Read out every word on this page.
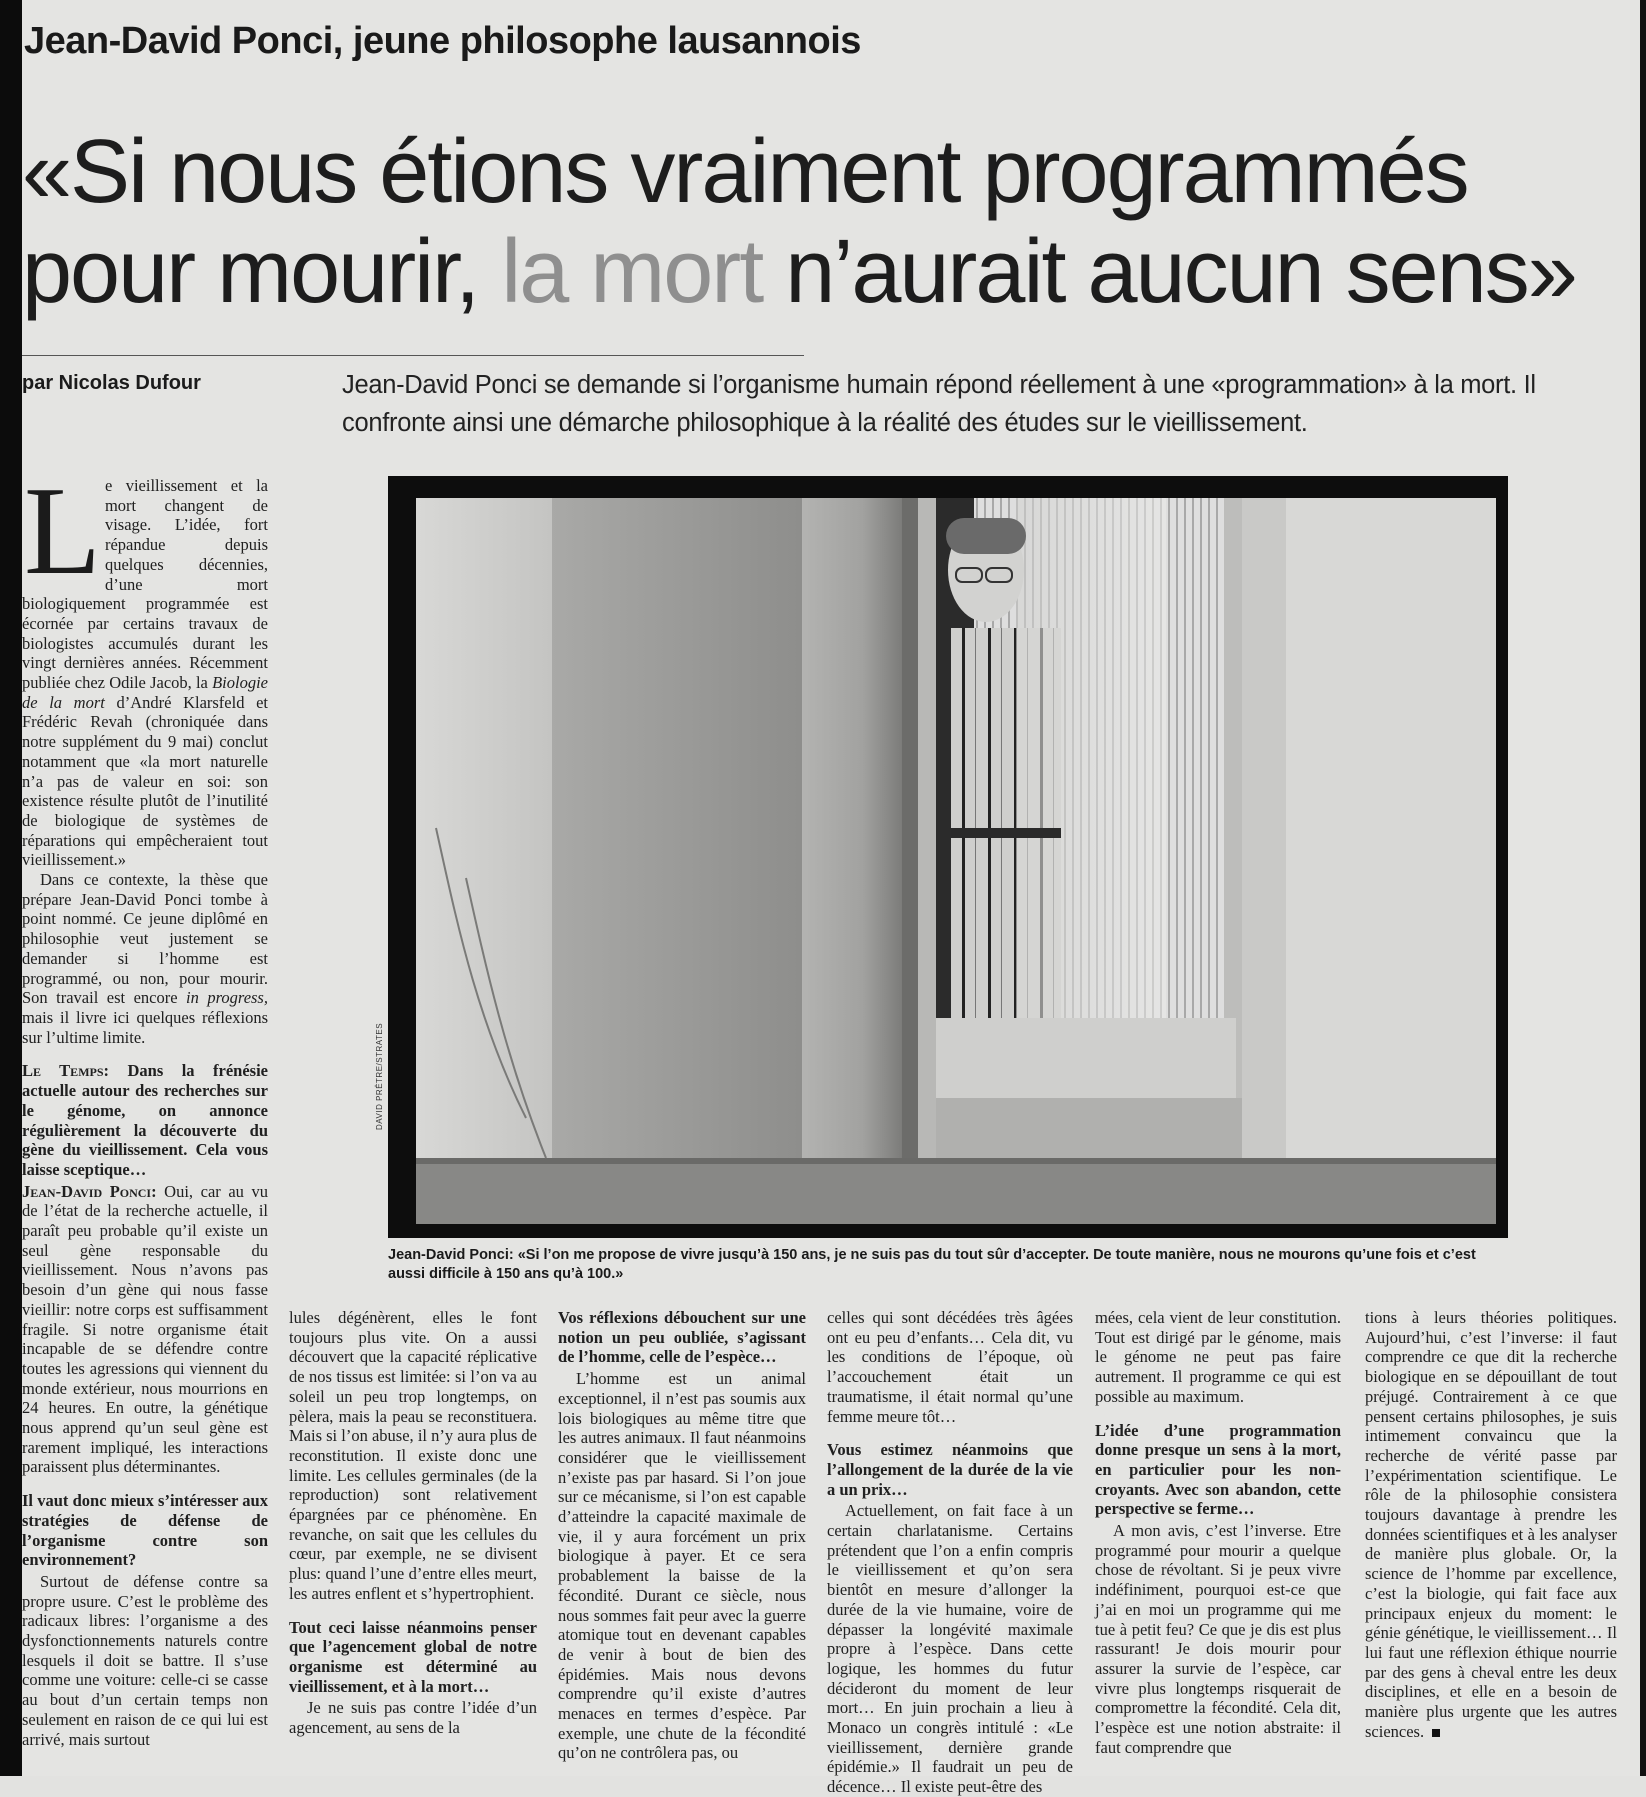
Jean-David Ponci, jeune philosophe lausannois
«Si nous étions vraiment programmés
pour mourir, la mort n’aurait aucun sens»
par Nicolas Dufour	Jean-David Ponci se demande si l’organisme humain répond réellement à une «programmation» à la mort. Il confronte ainsi une démarche philosophique à la réalité des études sur le vieillissement.

Le vieillissement et la mort changent de visage. L’idée, fort répandue depuis quelques décennies, d’une mort biologiquement programmée est écornée par certains travaux de biologistes accumulés durant les vingt dernières années. Récemment publiée chez Odile Jacob, la Biologie de la mort d’André Klarsfeld et Frédéric Revah (chroniquée dans notre supplément du 9 mai) conclut notamment que «la mort naturelle n’a pas de valeur en soi: son existence résulte plutôt de l’inutilité de biologique de systèmes de réparations qui empêcheraient tout vieillissement.»

Dans ce contexte, la thèse que prépare Jean-David Ponci tombe à point nommé. Ce jeune diplômé en philosophie veut justement se demander si l’homme est programmé, ou non, pour mourir. Son travail est encore in progress, mais il livre ici quelques réflexions sur l’ultime limite.

Le Temps: Dans la frénésie actuelle autour des recherches sur le génome, on annonce régulièrement la découverte du gène du vieillissement. Cela vous laisse sceptique…

Jean-David Ponci: Oui, car au vu de l’état de la recherche actuelle, il paraît peu probable qu’il existe un seul gène responsable du vieillissement. Nous n’avons pas besoin d’un gène qui nous fasse vieillir: notre corps est suffisamment fragile. Si notre organisme était incapable de se défendre contre toutes les agressions qui viennent du monde extérieur, nous mourrions en 24 heures. En outre, la génétique nous apprend qu’un seul gène est rarement impliqué, les interactions paraissent plus déterminantes.

Il vaut donc mieux s’intéresser aux stratégies de défense de l’organisme contre son environnement?

Surtout de défense contre sa propre usure. C’est le problème des radicaux libres: l’organisme a des dysfonctionnements naturels contre lesquels il doit se battre. Il s’use comme une voiture: celle-ci se casse au bout d’un certain temps non seulement en raison de ce qui lui est arrivé, mais surtout

lules dégénèrent, elles le font toujours plus vite. On a aussi découvert que la capacité réplicative de nos tissus est limitée: si l’on va au soleil un peu trop longtemps, on pèlera, mais la peau se reconstituera. Mais si l’on abuse, il n’y aura plus de reconstitution. Il existe donc une limite. Les cellules germinales (de la reproduction) sont relativement épargnées par ce phénomène. En revanche, on sait que les cellules du cœur, par exemple, ne se divisent plus: quand l’une d’entre elles meurt, les autres enflent et s’hypertrophient.

Tout ceci laisse néanmoins penser que l’agencement global de notre organisme est déterminé au vieillissement, et à la mort…

Je ne suis pas contre l’idée d’un agencement, au sens de la

Vos réflexions débouchent sur une notion un peu oubliée, s’agissant de l’homme, celle de l’espèce…

L’homme est un animal exceptionnel, il n’est pas soumis aux lois biologiques au même titre que les autres animaux. Il faut néanmoins considérer que le vieillissement n’existe pas par hasard. Si l’on joue sur ce mécanisme, si l’on est capable d’atteindre la capacité maximale de vie, il y aura forcément un prix biologique à payer. Et ce sera probablement la baisse de la fécondité. Durant ce siècle, nous nous sommes fait peur avec la guerre atomique tout en devenant capables de venir à bout de bien des épidémies. Mais nous devons comprendre qu’il existe d’autres menaces en termes d’espèce. Par exemple, une chute de la fécondité qu’on ne contrôlera pas, ou

celles qui sont décédées très âgées ont eu peu d’enfants… Cela dit, vu les conditions de l’époque, où l’accouchement était un traumatisme, il était normal qu’une femme meure tôt…

Vous estimez néanmoins que l’allongement de la durée de la vie a un prix…

Actuellement, on fait face à un certain charlatanisme. Certains prétendent que l’on a enfin compris le vieillissement et qu’on sera bientôt en mesure d’allonger la durée de la vie humaine, voire de dépasser la longévité maximale propre à l’espèce. Dans cette logique, les hommes du futur décideront du moment de leur mort… En juin prochain a lieu à Monaco un congrès intitulé : «Le vieillissement, dernière grande épidémie.» Il faudrait un peu de décence… Il existe peut-être des

mées, cela vient de leur constitution. Tout est dirigé par le génome, mais le génome ne peut pas faire autrement. Il programme ce qui est possible au maximum.

L’idée d’une programmation donne presque un sens à la mort, en particulier pour les non-croyants. Avec son abandon, cette perspective se ferme…

A mon avis, c’est l’inverse. Etre programmé pour mourir a quelque chose de révoltant. Si je peux vivre indéfiniment, pourquoi est-ce que j’ai en moi un programme qui me tue à petit feu? Ce que je dis est plus rassurant! Je dois mourir pour assurer la survie de l’espèce, car vivre plus longtemps risquerait de compromettre la fécondité. Cela dit, l’espèce est une notion abstraite: il faut comprendre que

tions à leurs théories politiques. Aujourd’hui, c’est l’inverse: il faut comprendre ce que dit la recherche biologique en se dépouillant de tout préjugé. Contrairement à ce que pensent certains philosophes, je suis intimement convaincu que la recherche de vérité passe par l’expérimentation scientifique. Le rôle de la philosophie consistera toujours davantage à prendre les données scientifiques et à les analyser de manière plus globale. Or, la science de l’homme par excellence, c’est la biologie, qui fait face aux principaux enjeux du moment: le génie génétique, le vieillissement… Il lui faut une réflexion éthique nourrie par des gens à cheval entre les deux disciplines, et elle en a besoin de manière plus urgente que les autres sciences.

DAVID PRÊTRE/STRATES
Jean-David Ponci: «Si l’on me propose de vivre jusqu’à 150 ans, je ne suis pas du tout sûr d’accepter. De toute manière, nous ne mourons qu’une fois et c’est aussi difficile à 150 ans qu’à 100.»
